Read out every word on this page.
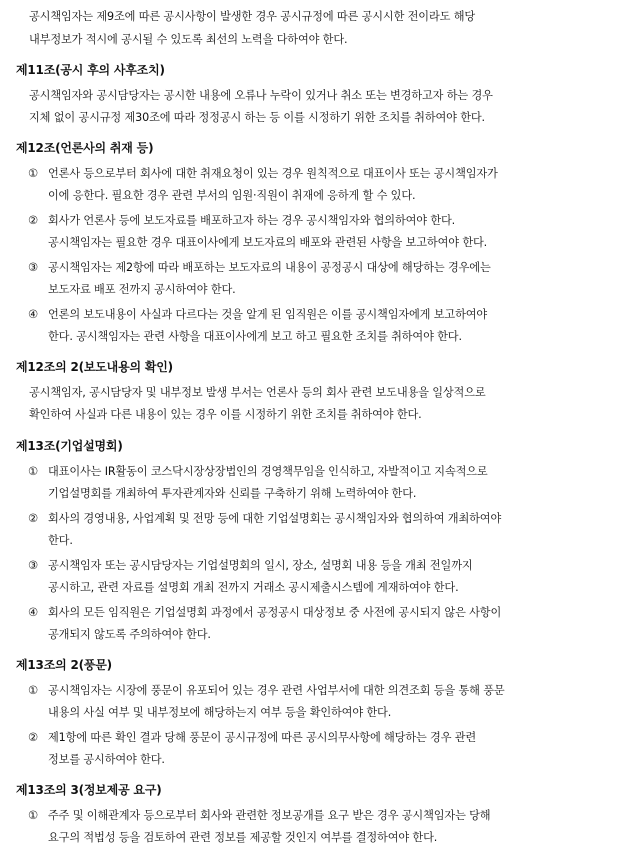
공시책임자는 제9조에 따른 공시사항이 발생한 경우 공시규정에 따른 공시시한 전이라도 해당
내부정보가 적시에 공시될 수 있도록 최선의 노력을 다하여야 한다.
제11조(공시 후의 사후조치)
공시책임자와 공시담당자는 공시한 내용에 오류나 누락이 있거나 취소 또는 변경하고자 하는 경우
지체 없이 공시규정 제30조에 따라 정정공시 하는 등 이를 시정하기 위한 조치를 취하여야 한다.
제12조(언론사의 취재 등)
① 언론사 등으로부터 회사에 대한 취재요청이 있는 경우 원칙적으로 대표이사 또는 공시책임자가
이에 응한다. 필요한 경우 관련 부서의 임원·직원이 취재에 응하게 할 수 있다.
② 회사가 언론사 등에 보도자료를 배포하고자 하는 경우 공시책임자와 협의하여야 한다.
공시책임자는 필요한 경우 대표이사에게 보도자료의 배포와 관련된 사항을 보고하여야 한다.
③ 공시책임자는 제2항에 따라 배포하는 보도자료의 내용이 공정공시 대상에 해당하는 경우에는
보도자료 배포 전까지 공시하여야 한다.
④ 언론의 보도내용이 사실과 다르다는 것을 알게 된 임직원은 이를 공시책임자에게 보고하여야
한다. 공시책임자는 관련 사항을 대표이사에게 보고 하고 필요한 조치를 취하여야 한다.
제12조의 2(보도내용의 확인)
공시책임자, 공시담당자 및 내부정보 발생 부서는 언론사 등의 회사 관련 보도내용을 일상적으로
확인하여 사실과 다른 내용이 있는 경우 이를 시정하기 위한 조치를 취하여야 한다.
제13조(기업설명회)
① 대표이사는 IR활동이 코스닥시장상장법인의 경영책무임을 인식하고, 자발적이고 지속적으로
기업설명회를 개최하여 투자관계자와 신뢰를 구축하기 위해 노력하여야 한다.
② 회사의 경영내용, 사업계획 및 전망 등에 대한 기업설명회는 공시책임자와 협의하여 개최하여야
한다.
③ 공시책임자 또는 공시담당자는 기업설명회의 일시, 장소, 설명회 내용 등을 개최 전일까지
공시하고, 관련 자료를 설명회 개최 전까지 거래소 공시제출시스템에 게재하여야 한다.
④ 회사의 모든 임직원은 기업설명회 과정에서 공정공시 대상정보 중 사전에 공시되지 않은 사항이
공개되지 않도록 주의하여야 한다.
제13조의 2(풍문)
① 공시책임자는 시장에 풍문이 유포되어 있는 경우 관련 사업부서에 대한 의견조회 등을 통해 풍문
내용의 사실 여부 및 내부정보에 해당하는지 여부 등을 확인하여야 한다.
② 제1항에 따른 확인 결과 당해 풍문이 공시규정에 따른 공시의무사항에 해당하는 경우 관련
정보를 공시하여야 한다.
제13조의 3(정보제공 요구)
① 주주 및 이해관계자 등으로부터 회사와 관련한 정보공개를 요구 받은 경우 공시책임자는 당해
요구의 적법성 등을 검토하여 관련 정보를 제공할 것인지 여부를 결정하여야 한다.
